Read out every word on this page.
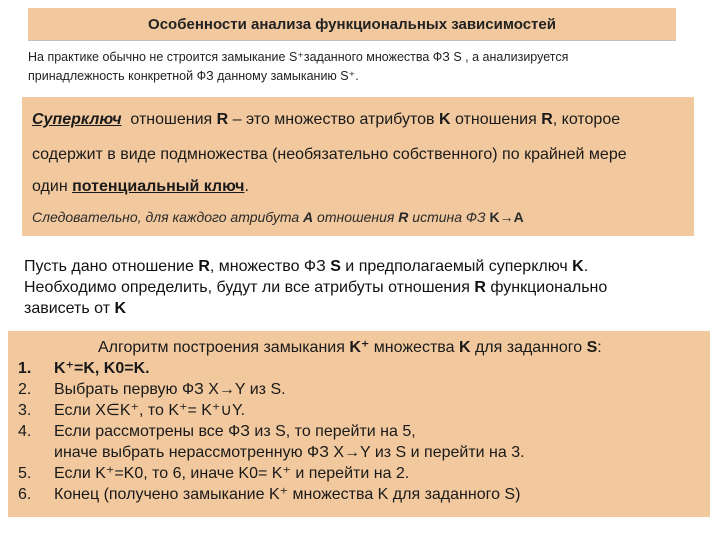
Особенности анализа функциональных зависимостей
На практике обычно не строится замыкание S⁺заданного множества ФЗ S , а анализируется
принадлежность конкретной ФЗ данному замыканию S⁺.
Суперключ отношения R – это множество атрибутов K отношения R, которое
содержит в виде подмножества (необязательно собственного) по крайней мере
один потенциальный ключ.
Следовательно, для каждого атрибута А отношения R истина ФЗ K→A
Пусть дано отношение R, множество ФЗ S и предполагаемый суперключ K.
Необходимо определить, будут ли все атрибуты отношения R функционально
зависеть от K
Алгоритм построения замыкания K⁺ множества K для заданного S:
1. K⁺=K, K0=K.
2. Выбрать первую ФЗ X→Y из S.
3. Если X∈K⁺, то K⁺= K⁺∪Y.
4. Если рассмотрены все ФЗ из S, то перейти на 5,
иначе выбрать нерассмотренную ФЗ X→Y из S и перейти на 3.
5. Если K⁺=K0, то 6, иначе K0= K⁺ и перейти на 2.
6. Конец (получено замыкание K⁺ множества K для заданного S)
